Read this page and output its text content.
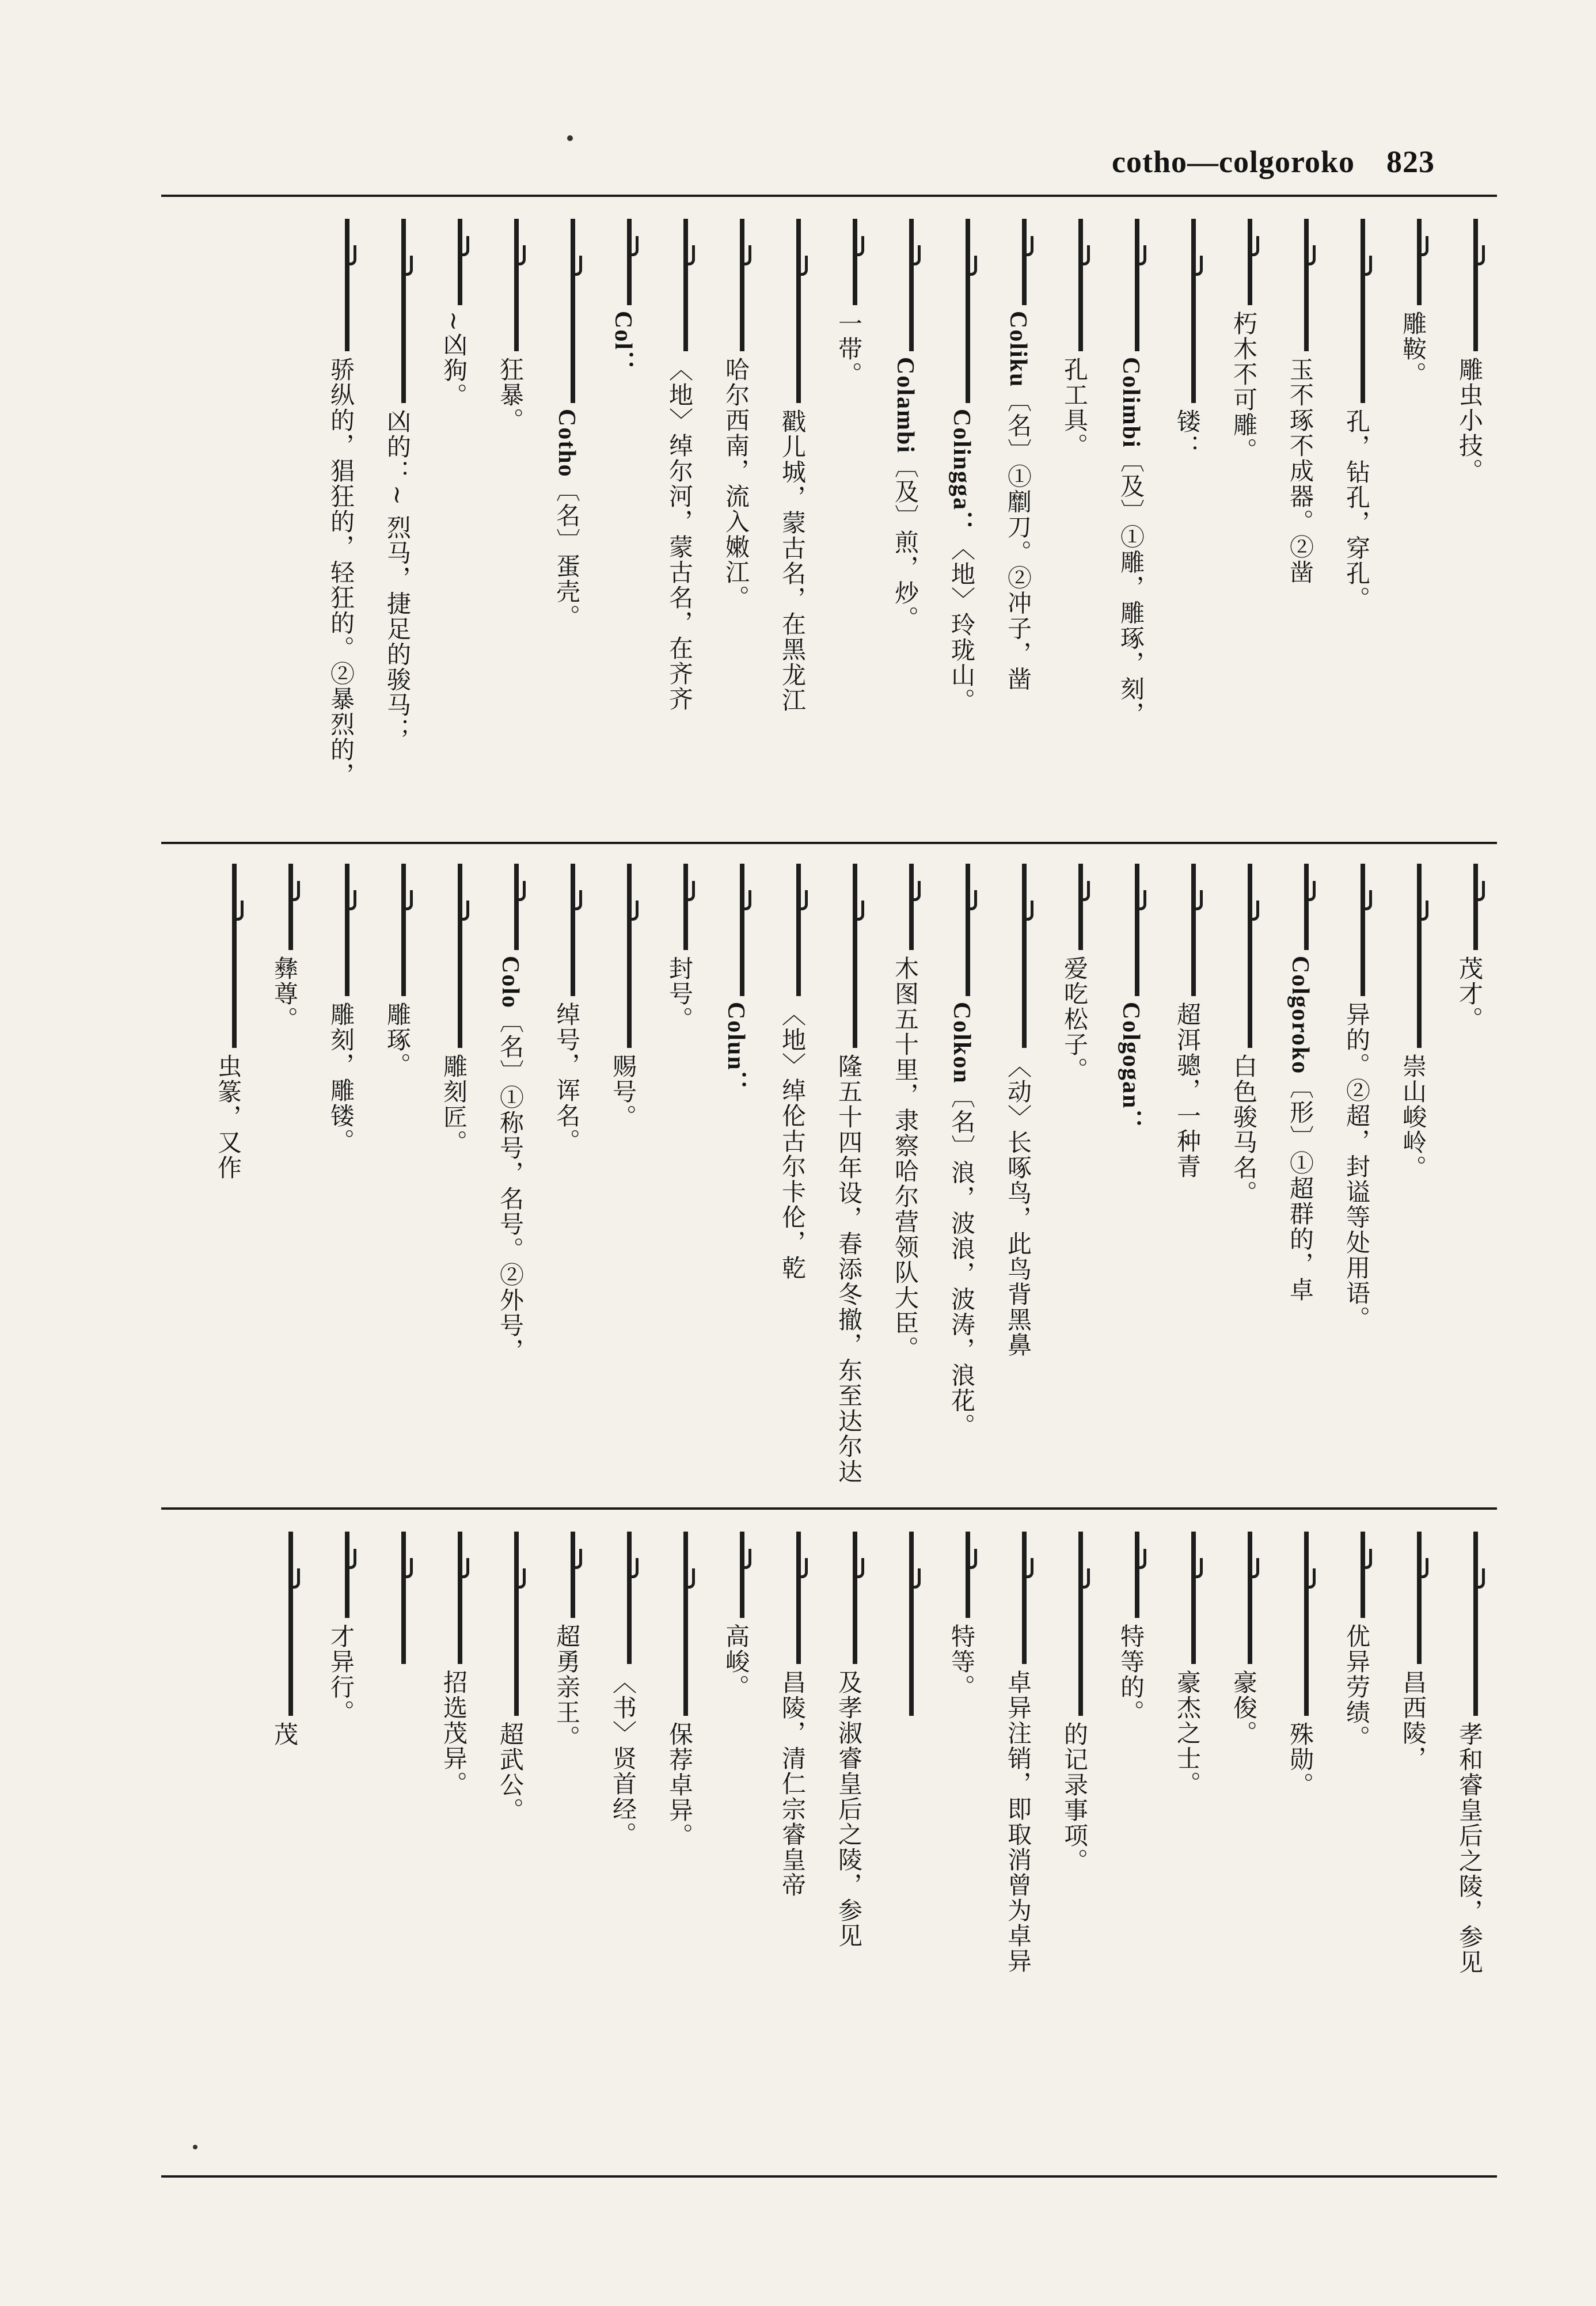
cotho—colgoroko 823
雕虫小技。
雕鞍。
孔，钻孔，穿孔。
玉不琢不成器。②凿
朽木不可雕。
镂：
Colimbi〔及〕①雕，雕琢，刻，
孔工具。
Coliku〔名〕①劘刀。②冲子，凿
Colingga：〈地〉玲珑山。
Colambi〔及〕煎，炒。
一带。
戳儿城，蒙古名，在黑龙江
哈尔西南，流入嫩江。
〈地〉绰尔河，蒙古名，在齐齐
Col：
Cotho〔名〕蛋壳。
狂暴。
~凶狗。
凶的：~ 烈马，捷足的骏马；
骄纵的，猖狂的，轻狂的。②暴烈的，
茂才。
崇山峻岭。
异的。②超，封谥等处用语。
Colgoroko〔形〕①超群的，卓
白色骏马名。
超洱骢，一种青
Colgogan：
爱吃松子。
〈动〉长啄鸟，此鸟背黑鼻
Colkon〔名〕浪，波浪，波涛，浪花。
木图五十里，隶察哈尔营领队大臣。
隆五十四年设，春添冬撤，东至达尔达
〈地〉绰伦古尔卡伦，乾
Colun：
封号。
赐号。
绰号，诨名。
Colo〔名〕①称号，名号。②外号，
雕刻匠。
雕琢。
雕刻，雕镂。
彝尊。
虫篆，又作
孝和睿皇后之陵，参见
昌西陵，
优异劳绩。
殊勋。
豪俊。
豪杰之士。
特等的。
的记录事项。
卓异注销，即取消曾为卓异
特等。
及孝淑睿皇后之陵，参见
昌陵，清仁宗睿皇帝
高峻。
保荐卓异。
〈书〉贤首经。
超勇亲王。
超武公。
招选茂异。
才异行。
茂
